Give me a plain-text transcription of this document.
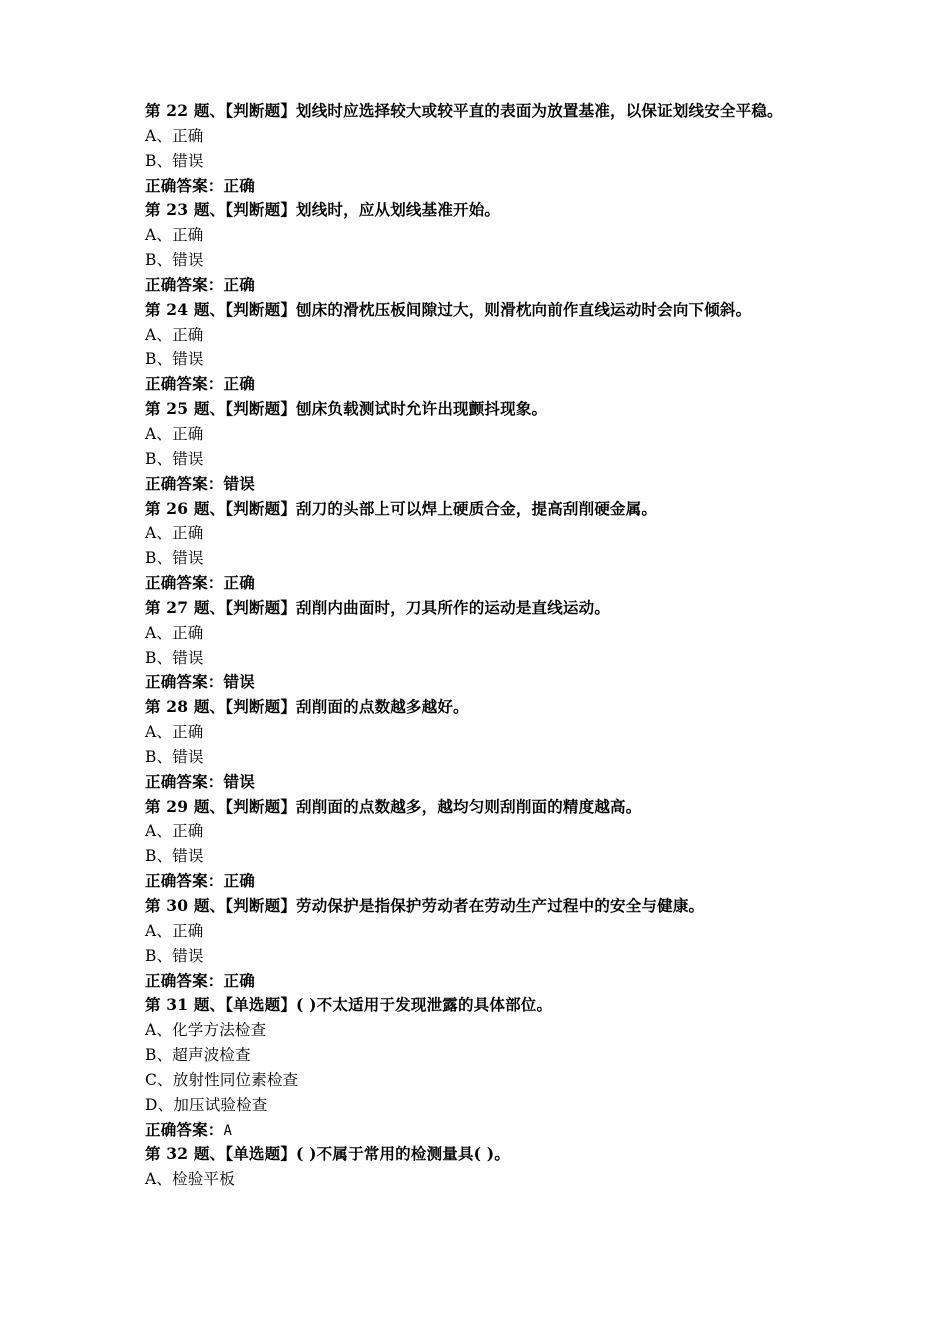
第 22 题、【判断题】划线时应选择较大或较平直的表面为放置基准，以保证划线安全平稳。
A、正确
B、错误
正确答案：正确
第 23 题、【判断题】划线时，应从划线基准开始。
A、正确
B、错误
正确答案：正确
第 24 题、【判断题】刨床的滑枕压板间隙过大，则滑枕向前作直线运动时会向下倾斜。
A、正确
B、错误
正确答案：正确
第 25 题、【判断题】刨床负载测试时允许出现颤抖现象。
A、正确
B、错误
正确答案：错误
第 26 题、【判断题】刮刀的头部上可以焊上硬质合金，提高刮削硬金属。
A、正确
B、错误
正确答案：正确
第 27 题、【判断题】刮削内曲面时，刀具所作的运动是直线运动。
A、正确
B、错误
正确答案：错误
第 28 题、【判断题】刮削面的点数越多越好。
A、正确
B、错误
正确答案：错误
第 29 题、【判断题】刮削面的点数越多，越均匀则刮削面的精度越高。
A、正确
B、错误
正确答案：正确
第 30 题、【判断题】劳动保护是指保护劳动者在劳动生产过程中的安全与健康。
A、正确
B、错误
正确答案：正确
第 31 题、【单选题】( )不太适用于发现泄露的具体部位。
A、化学方法检查
B、超声波检查
C、放射性同位素检查
D、加压试验检查
正确答案：A
第 32 题、【单选题】( )不属于常用的检测量具( )。
A、检验平板
